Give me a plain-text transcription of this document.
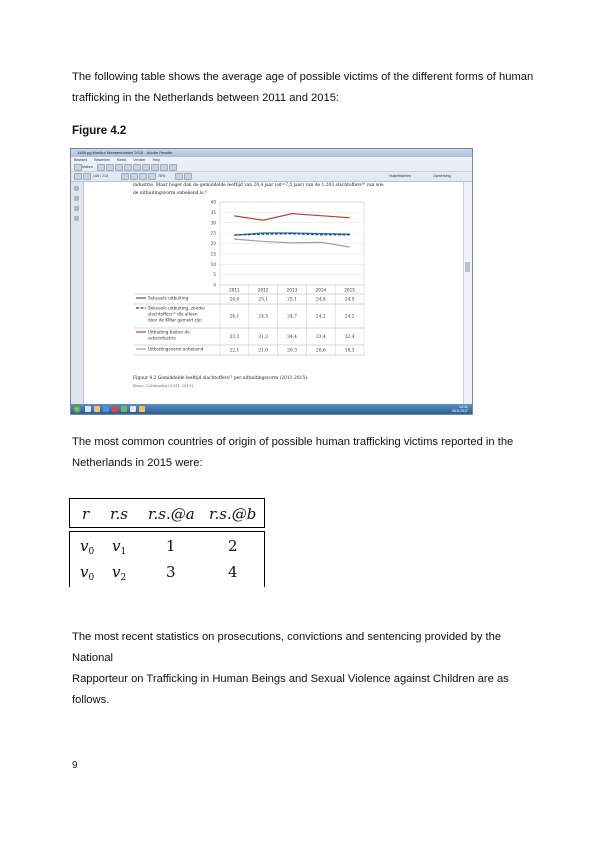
The following table shows the average age of possible victims of the different forms of human
trafficking in the Netherlands between 2011 and 2015:
Figure 4.2
1489.pg Monitor Mensenhandel 2015 - Adobe Reader
Bestand Bewerken Beeld Venster Help
Maken
149 / 214	75%	Hulpmiddelen	Opmerking
industrie. Maar hoger dan de gemiddelde leeftijd van 20,4 jaar (sd=7,5 jaar) van de 1.203 slachtoffers¹⁶ van wie
de uitbuitingsvorm onbekend is.⁸
0
5
10
15
20
25
30
35
40
2011	2012	2013	2014	2015
Seksuele uitbuiting	24,0	25,1	25,1	24,8	24,5
Seksuele uitbuiting, zonder
slachtoffers¹² die alleen
door de KMar gemeld zijn
24,1	24,5	24,7	24,2	24,2
Uitbuiting buiten de
seksindustrie	33,3	31,2	34,4	33,4	32,4
Uitbuitingsvorm onbekend	22,1	21,0	20,3	20,6	18,3
Figuur 4.2 Gemiddelde leeftijd slachtoffers¹² per uitbuitingsvorm (2011-2015).
Bron: CoMensha (2011-2015).
14:32
26-6-2017
The most common countries of origin of possible human trafficking victims reported in the
Netherlands in 2015 were:
r r.s r.s.@a r.s.@b
$v_0$ $v_1$	1	2
$v_0$ $v_2$	3	4
The most recent statistics on prosecutions, convictions and sentencing provided by the National
Rapporteur on Trafficking in Human Beings and Sexual Violence against Children are as
follows.
9
